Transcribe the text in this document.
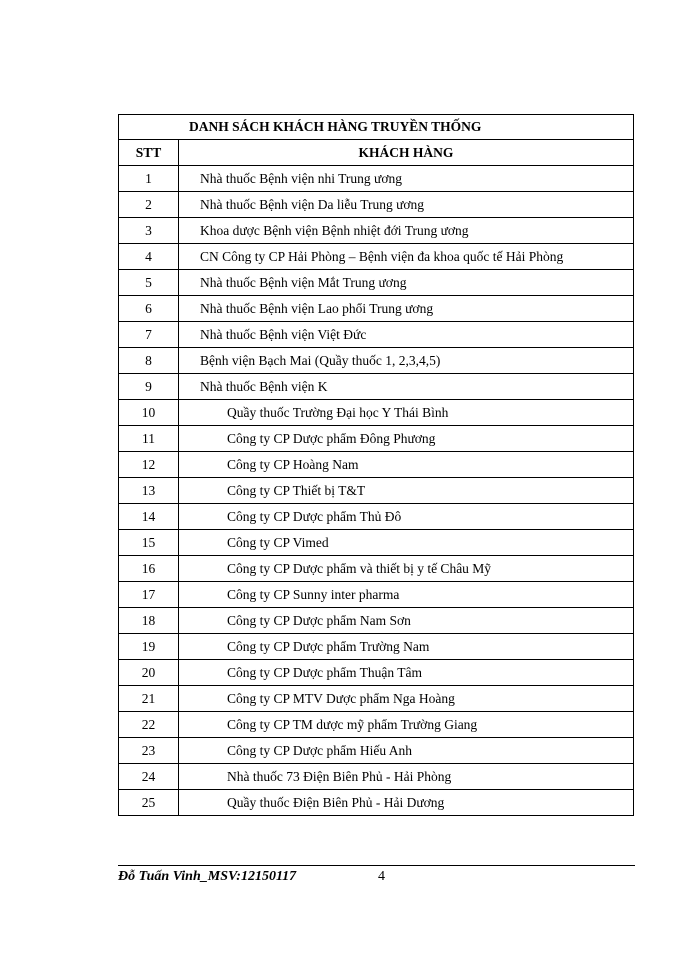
DANH SÁCH KHÁCH HÀNG TRUYỀN THỐNG	
STT	KHÁCH HÀNG
1	Nhà thuốc Bệnh viện nhi Trung ương
2	Nhà thuốc Bệnh viện Da liễu Trung ương
3	Khoa dược Bệnh viện Bệnh nhiệt đới Trung ương
4	CN Công ty CP Hải Phòng – Bệnh viện đa khoa quốc tế Hải Phòng
5	Nhà thuốc Bệnh viện Mắt Trung ương
6	Nhà thuốc Bệnh viện Lao phổi Trung ương
7	Nhà thuốc Bệnh viện Việt Đức
8	Bệnh viện Bạch Mai (Quầy thuốc 1, 2,3,4,5)
9	Nhà thuốc Bệnh viện K
10	Quầy thuốc Trường Đại học Y Thái Bình
11	Công ty CP Dược phẩm Đông Phương
12	Công ty CP Hoàng Nam
13	Công ty CP Thiết bị T&T
14	Công ty CP Dược phẩm Thủ Đô
15	Công ty CP Vimed
16	Công ty CP Dược phẩm và thiết bị y tế Châu Mỹ
17	Công ty CP Sunny inter pharma
18	Công ty CP Dược phẩm Nam Sơn
19	Công ty CP Dược phẩm Trường Nam
20	Công ty CP Dược phẩm Thuận Tâm
21	Công ty CP MTV Dược phẩm Nga Hoàng
22	Công ty CP TM dược mỹ phẩm Trường Giang
23	Công ty CP Dược phẩm Hiếu Anh
24	Nhà thuốc 73 Điện Biên Phủ - Hải Phòng
25	Quầy thuốc Điện Biên Phủ - Hải Dương
Đỗ Tuấn Vinh_MSV:12150117	4
